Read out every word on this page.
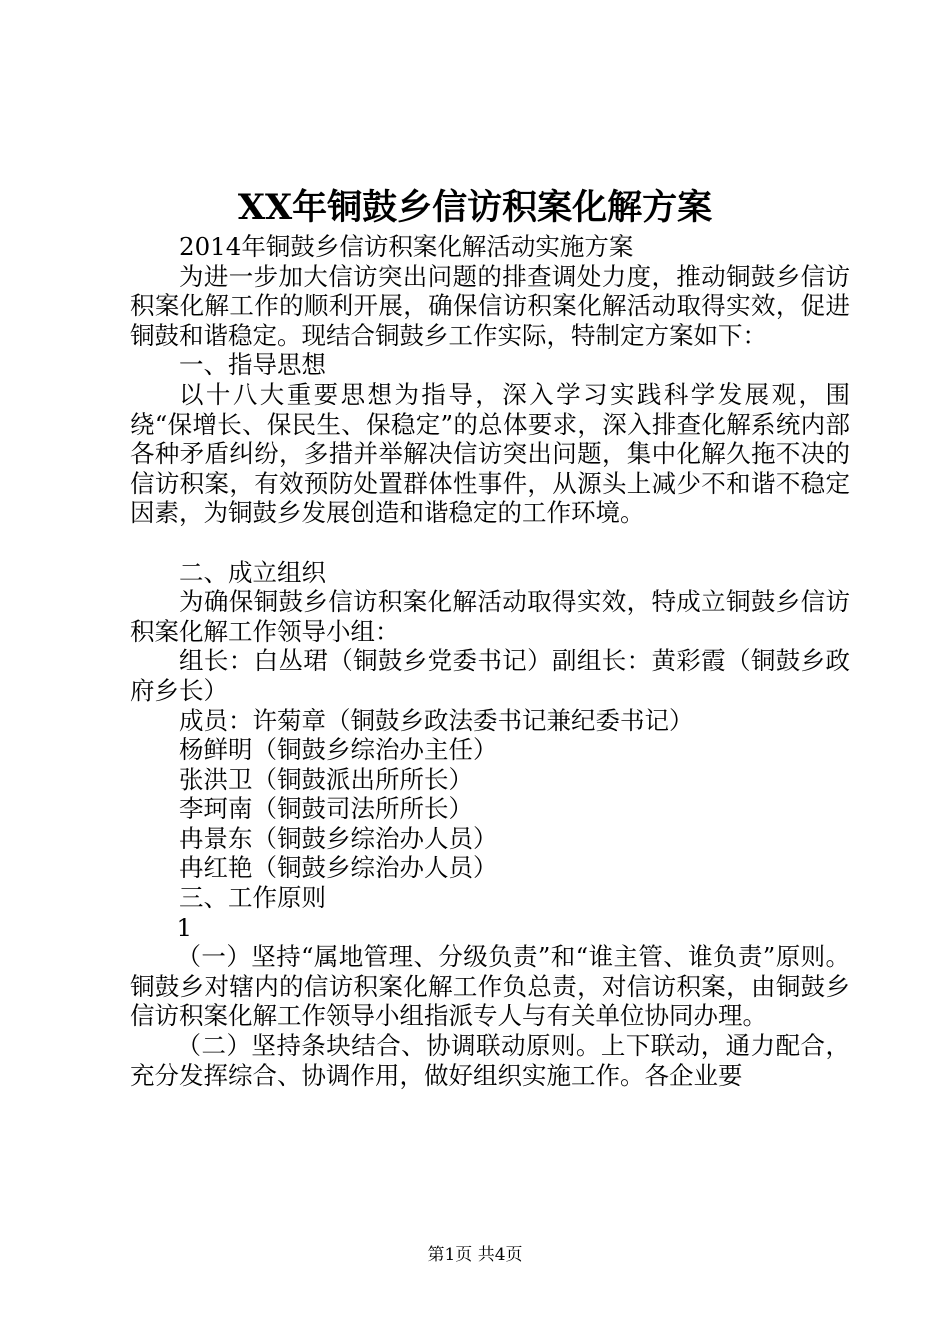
XX年铜鼓乡信访积案化解方案

2014年铜鼓乡信访积案化解活动实施方案

为进一步加大信访突出问题的排查调处力度，推动铜鼓乡信访积案化解工作的顺利开展，确保信访积案化解活动取得实效，促进铜鼓和谐稳定。现结合铜鼓乡工作实际，特制定方案如下：

一、指导思想

以十八大重要思想为指导，深入学习实践科学发展观，围绕“保增长、保民生、保稳定”的总体要求，深入排查化解系统内部各种矛盾纠纷，多措并举解决信访突出问题，集中化解久拖不决的信访积案，有效预防处置群体性事件，从源头上减少不和谐不稳定因素，为铜鼓乡发展创造和谐稳定的工作环境。

二、成立组织

为确保铜鼓乡信访积案化解活动取得实效，特成立铜鼓乡信访积案化解工作领导小组：

组长：白丛珺（铜鼓乡党委书记）副组长：黄彩霞（铜鼓乡政府乡长）

成员：许菊章（铜鼓乡政法委书记兼纪委书记）

杨鲜明（铜鼓乡综治办主任）

张洪卫（铜鼓派出所所长）

李珂南（铜鼓司法所所长）

冉景东（铜鼓乡综治办人员）

冉红艳（铜鼓乡综治办人员）

三、工作原则

1

（一）坚持“属地管理、分级负责”和“谁主管、谁负责”原则。铜鼓乡对辖内的信访积案化解工作负总责，对信访积案，由铜鼓乡信访积案化解工作领导小组指派专人与有关单位协同办理。

（二）坚持条块结合、协调联动原则。上下联动，通力配合，充分发挥综合、协调作用，做好组织实施工作。各企业要

第1页 共4页
